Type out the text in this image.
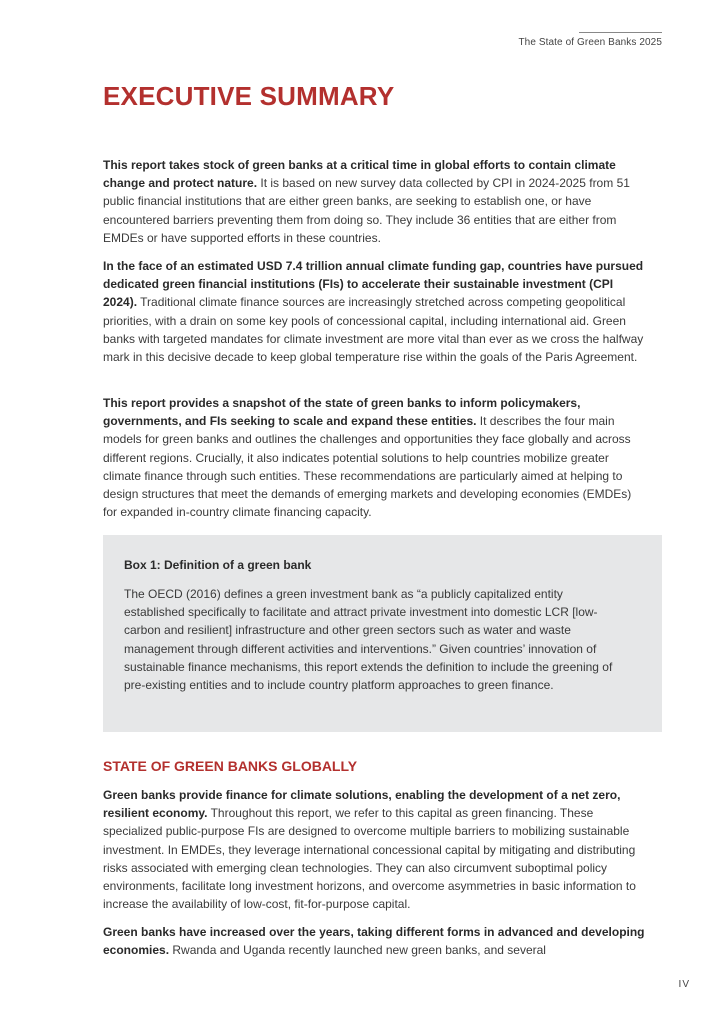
The State of Green Banks 2025
EXECUTIVE SUMMARY

This report takes stock of green banks at a critical time in global efforts to contain climate change and protect nature. It is based on new survey data collected by CPI in 2024-2025 from 51 public financial institutions that are either green banks, are seeking to establish one, or have encountered barriers preventing them from doing so. They include 36 entities that are either from EMDEs or have supported efforts in these countries.

In the face of an estimated USD 7.4 trillion annual climate funding gap, countries have pursued dedicated green financial institutions (FIs) to accelerate their sustainable investment (CPI 2024). Traditional climate finance sources are increasingly stretched across competing geopolitical priorities, with a drain on some key pools of concessional capital, including international aid. Green banks with targeted mandates for climate investment are more vital than ever as we cross the halfway mark in this decisive decade to keep global temperature rise within the goals of the Paris Agreement.

This report provides a snapshot of the state of green banks to inform policymakers, governments, and FIs seeking to scale and expand these entities. It describes the four main models for green banks and outlines the challenges and opportunities they face globally and across different regions. Crucially, it also indicates potential solutions to help countries mobilize greater climate finance through such entities. These recommendations are particularly aimed at helping to design structures that meet the demands of emerging markets and developing economies (EMDEs) for expanded in-country climate financing capacity.

Box 1: Definition of a green bank

The OECD (2016) defines a green investment bank as “a publicly capitalized entity established specifically to facilitate and attract private investment into domestic LCR [low-carbon and resilient] infrastructure and other green sectors such as water and waste management through different activities and interventions.” Given countries’ innovation of sustainable finance mechanisms, this report extends the definition to include the greening of pre-existing entities and to include country platform approaches to green finance.

STATE OF GREEN BANKS GLOBALLY

Green banks provide finance for climate solutions, enabling the development of a net zero, resilient economy. Throughout this report, we refer to this capital as green financing. These specialized public-purpose FIs are designed to overcome multiple barriers to mobilizing sustainable investment. In EMDEs, they leverage international concessional capital by mitigating and distributing risks associated with emerging clean technologies. They can also circumvent suboptimal policy environments, facilitate long investment horizons, and overcome asymmetries in basic information to increase the availability of low-cost, fit-for-purpose capital.

Green banks have increased over the years, taking different forms in advanced and developing economies. Rwanda and Uganda recently launched new green banks, and several

IV
